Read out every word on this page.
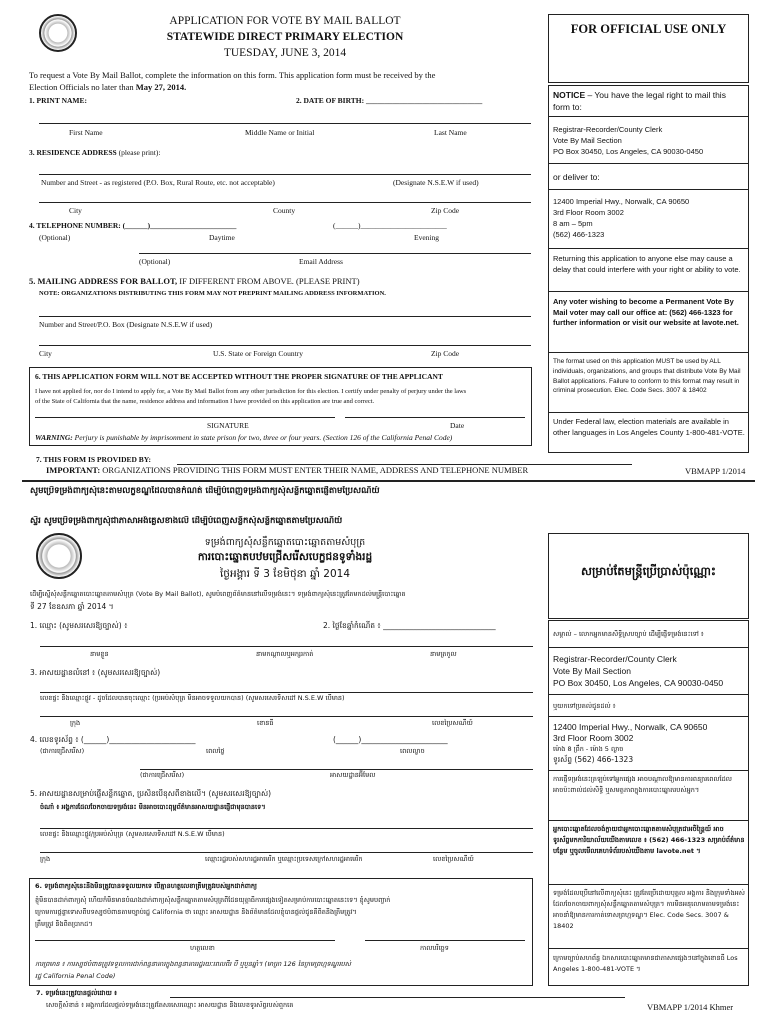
APPLICATION FOR VOTE BY MAIL BALLOT
STATEWIDE DIRECT PRIMARY ELECTION
TUESDAY, JUNE 3, 2014
FOR OFFICIAL USE ONLY
To request a Vote By Mail Ballot, complete the information on this form. This application form must be received by the
Election Officials no later than May 27, 2014.
1. PRINT NAME:	2. DATE OF BIRTH: _______________________________
First Name	Middle Name or Initial	Last Name
3. RESIDENCE ADDRESS (please print):
Number and Street - as registered (P.O. Box, Rural Route, etc. not acceptable)	(Designate N.S.E.W if used)
City	County	Zip Code
4. TELEPHONE NUMBER: (______)_______________________	(______)_______________________
(Optional)	Daytime	Evening
(Optional)	Email Address
5. MAILING ADDRESS FOR BALLOT, IF DIFFERENT FROM ABOVE. (PLEASE PRINT)
NOTE: ORGANIZATIONS DISTRIBUTING THIS FORM MAY NOT PREPRINT MAILING ADDRESS INFORMATION.
Number and Street/P.O. Box (Designate N.S.E.W if used)
City	U.S. State or Foreign Country	Zip Code
6. THIS APPLICATION FORM WILL NOT BE ACCEPTED WITHOUT THE PROPER SIGNATURE OF THE APPLICANT
I have not applied for, nor do I intend to apply for, a Vote By Mail Ballot from any other jurisdiction for this election. I certify under penalty of perjury under the laws
of the State of California that the name, residence address and information I have provided on this application are true and correct.
SIGNATURE	Date
WARNING: Perjury is punishable by imprisonment in state prison for two, three or four years. (Section 126 of the California Penal Code)
7. THIS FORM IS PROVIDED BY:
IMPORTANT: ORGANIZATIONS PROVIDING THIS FORM MUST ENTER THEIR NAME, ADDRESS AND TELEPHONE NUMBER	VBMAPP 1/2014
NOTICE – You have the legal right to mail this form to:
Registrar-Recorder/County Clerk
Vote By Mail Section
PO Box 30450, Los Angeles, CA 90030-0450
or deliver to:
12400 Imperial Hwy., Norwalk, CA 90650
3rd Floor Room 3002
8 am – 5pm
(562) 466-1323
Returning this application to anyone else may cause a delay that could interfere with your right or ability to vote.
Any voter wishing to become a Permanent Vote By Mail voter may call our office at: (562) 466-1323 for further information or visit our website at lavote.net.
The format used on this application MUST be used by ALL individuals, organizations, and groups that distribute Vote By Mail Ballot applications. Failure to conform to this format may result in criminal prosecution. Elec. Code Secs. 3007 & 18402
Under Federal law, election materials are available in other languages in Los Angeles County 1-800-481-VOTE.
សូមប្រើទម្រង់ពាក្យសុំនេះតាមលក្ខខណ្ឌដែលបានកំណត់ ដើម្បីបំពេញទម្រង់ពាក្យសុំសន្លឹកឆ្នោតផ្ញើតាមប្រៃសណីយ៍
ស្ទីរ សូមប្រើទម្រង់ពាក្យសុំជាភាសាអង់គ្លេសខាងលើ ដើម្បីបំពេញសន្លឹកសុំសន្លឹកឆ្នោតតាមប្រៃសណីយ៍
ទម្រង់ពាក្យសុំសន្លឹកឆ្នោតបោះឆ្នោតតាមសំបុត្រ
ការបោះឆ្នោតបឋមជ្រើសរើសបេក្ខជនទូទាំងរដ្ឋ
ថ្ងៃអង្គារ ទី 3 ខែមិថុនា ឆ្នាំ 2014	សម្រាប់តែមន្ត្រីប្រើប្រាស់ប៉ុណ្ណោះ
ដើម្បីស្នើសុំសន្លឹកឆ្នោតបោះឆ្នោតតាមសំបុត្រ (Vote By Mail Ballot), សូមបំពេញព័ត៌មាននៅលើទម្រង់នេះ។ ទម្រង់ពាក្យសុំនេះត្រូវតែមកដល់មន្ត្រីបោះឆ្នោត
ទី 27 ខែឧសភា ឆ្នាំ 2014 ។
1. ឈ្មោះ (សូមសរសេរឱ្យច្បាស់) ៖	2. ថ្ងៃខែឆ្នាំកំណើត ៖ ______________________________
នាមខ្លួន	នាមកណ្ដាលឬអក្សរកាត់	នាមត្រកូល
3. អាសយដ្ឋានលំនៅ ៖ (សូមសរសេរឱ្យច្បាស់)
លេខផ្ទះ និងឈ្មោះផ្លូវ - ដូចដែលបានចុះឈ្មោះ (ប្រអប់សំបុត្រ មិនអាចទទួលយកបាន) (សូមសរសេរទិសដៅ N.S.E.W បើមាន)
ក្រុង	ខោនធី	លេខប្រៃសណីយ៍
4. លេខទូរស័ព្ទ ៖ (______)_______________________	(______)_______________________
(ជាការជ្រើសរើស)	ពេលថ្ងៃ	ពេលល្ងាច
(ជាការជ្រើសរើស)	អាសយដ្ឋានអ៊ីមែល
5. អាសយដ្ឋានសម្រាប់ផ្ញើសន្លឹកឆ្នោត, ប្រសិនបើខុសពីខាងលើ។ (សូមសរសេរឱ្យច្បាស់)
ចំណាំ ៖ អង្គការដែលចែកចាយទម្រង់នេះ មិនអាចបោះពុម្ពព័ត៌មានអាសយដ្ឋានផ្ញើជាមុនបានទេ។
លេខផ្ទះ និងឈ្មោះផ្លូវ/ប្រអប់សំបុត្រ (សូមសរសេរទិសដៅ N.S.E.W បើមាន)
ក្រុង	ឈ្មោះរដ្ឋរបស់សហរដ្ឋអាមេរិក ឬឈ្មោះប្រទេសក្រៅសហរដ្ឋអាមេរិក	លេខប្រៃសណីយ៍
6. ទម្រង់ពាក្យសុំនេះនឹងមិនត្រូវបានទទួលយកទេ បើគ្មានហត្ថលេខាត្រឹមត្រូវរបស់អ្នកដាក់ពាក្យ
ខ្ញុំមិនបានដាក់ពាក្យសុំ ហើយក៏មិនមានបំណងដាក់ពាក្យសុំសន្លឹកឆ្នោតតាមសំបុត្រពីដែនយុត្តាធិការផ្សេងទៀតសម្រាប់ការបោះឆ្នោតនេះទេ។ ខ្ញុំសូមបញ្ជាក់
ក្រោមការផ្ដន្ទាទោសពីបទស្បថបំពានតាមច្បាប់រដ្ឋ California ថា ឈ្មោះ អាសយដ្ឋាន និងព័ត៌មានដែលខ្ញុំបានផ្ដល់ជូនគឺពិតនិងត្រឹមត្រូវ។
ត្រឹមត្រូវ និងពិតប្រាកដ។
ហត្ថលេខា	កាលបរិច្ឆេទ
ការព្រមាន ៖ ការស្បថបំពានត្រូវទទួលការដាក់ពន្ធនាគារក្នុងពន្ធនាគាររដ្ឋរយៈពេលពីរ បី ឬបួនឆ្នាំ។ (មាត្រា 126 នៃក្រមព្រហ្មទណ្ឌរបស់
រដ្ឋ California Penal Code)
7. ទម្រង់នេះត្រូវបានផ្ដល់ដោយ ៖
សេចក្ដីសំខាន់ ៖ អង្គការដែលផ្ដល់ទម្រង់នេះត្រូវតែសរសេរឈ្មោះ អាសយដ្ឋាន និងលេខទូរស័ព្ទរបស់ពួកគេ	VBMAPP 1/2014 Khmer
សម្គាល់ – លោកអ្នកមានសិទ្ធិស្របច្បាប់ ដើម្បីផ្ញើទម្រង់នេះទៅ ៖
Registrar-Recorder/County Clerk
Vote By Mail Section
PO Box 30450, Los Angeles, CA 90030-0450
ឬយកទៅប្រគល់ជូនដល់ ៖
12400 Imperial Hwy., Norwalk, CA 90650
3rd Floor Room 3002
ម៉ោង 8 ព្រឹក - ម៉ោង 5 ល្ងាច
ទូរស័ព្ទ (562) 466-1323
ការផ្ញើទម្រង់នេះត្រឡប់ទៅអ្នកផ្សេង អាចបណ្ដាលឱ្យមានការពន្យារពេលដែលអាចប៉ះពាល់ដល់សិទ្ធិ ឬសមត្ថភាពក្នុងការបោះឆ្នោតរបស់អ្នក។
អ្នកបោះឆ្នោតដែលចង់ក្លាយជាអ្នកបោះឆ្នោតតាមសំបុត្រជាអចិន្ត្រៃយ៍ អាចទូរស័ព្ទមកការិយាល័យយើងតាមលេខ ៖ (562) 466-1323 សម្រាប់ព័ត៌មានបន្ថែម ឬចូលមើលគេហទំព័ររបស់យើងតាម lavote.net ។
ទម្រង់ដែលប្រើនៅលើពាក្យសុំនេះ ត្រូវតែប្រើដោយបុគ្គល អង្គការ និងក្រុមទាំងអស់ដែលចែកចាយពាក្យសុំសន្លឹកឆ្នោតតាមសំបុត្រ។ ការមិនអនុលោមតាមទម្រង់នេះ អាចនាំឱ្យមានការកាត់ទោសព្រហ្មទណ្ឌ។ Elec. Code Secs. 3007 & 18402
ក្រោមច្បាប់សហព័ន្ធ ឯកសារបោះឆ្នោតមានជាភាសាផ្សេងៗនៅក្នុងខោនធី Los Angeles 1-800-481-VOTE ។
